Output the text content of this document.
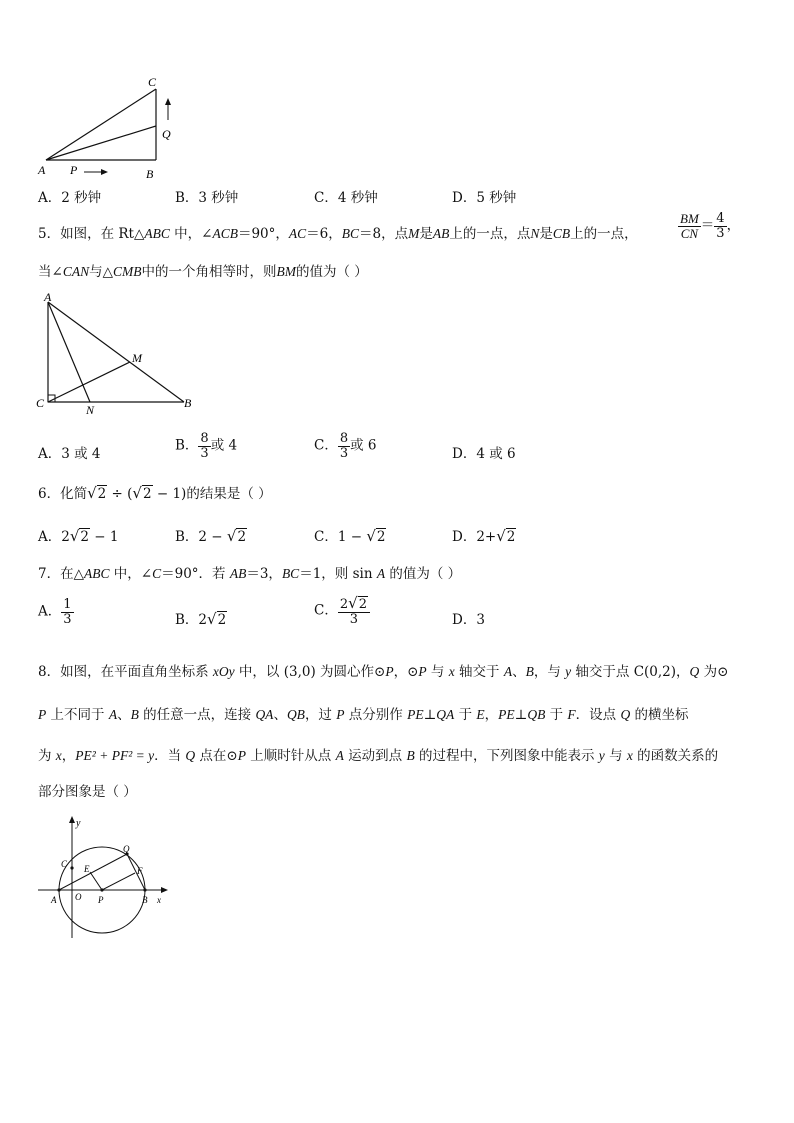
C
Q
A P	B
A．2 秒钟	B．3 秒钟	C．4 秒钟	D．5 秒钟
5．如图，在 Rt△ABC 中，∠ACB＝90°，AC＝6，BC＝8，点M是AB上的一点，点N是CB上的一点，	$\frac{BM}{CN} = \frac{4}{3}$ ，
当∠CAN与△CMB中的一个角相等时，则BM的值为（ ）
A
M
C	N	B
A．3 或 4
B． $\frac{8}{3}$ 或 4	C． $\frac{8}{3}$ 或 6
D．4 或 6
6．化简√2 ÷ (√2 − 1)的结果是（ ）
A．2√2 − 1	B．2 − √2	C．1 − √2	D．2+√2
7．在△ABC 中，∠C＝90°．若 AB＝3，BC＝1，则 sin A 的值为（ ）
A． $\frac{1}{3}$	B．2√2
C． $\frac{2√2}{3}$	D．3
8．如图，在平面直角坐标系 xOy 中，以 (3,0) 为圆心作⊙P，⊙P 与 x 轴交于 A、B，与 y 轴交于点 C(0,2)，Q 为⊙
P 上不同于 A、B 的任意一点，连接 QA、QB，过 P 点分别作 PE⊥QA 于 E，PE⊥QB 于 F．设点 Q 的横坐标
为 x，PE² + PF² = y．当 Q 点在⊙P 上顺时针从点 A 运动到点 B 的过程中，下列图象中能表示 y 与 x 的函数关系的
部分图象是（ ）
y
C
Q
E	F
A O P	B x
